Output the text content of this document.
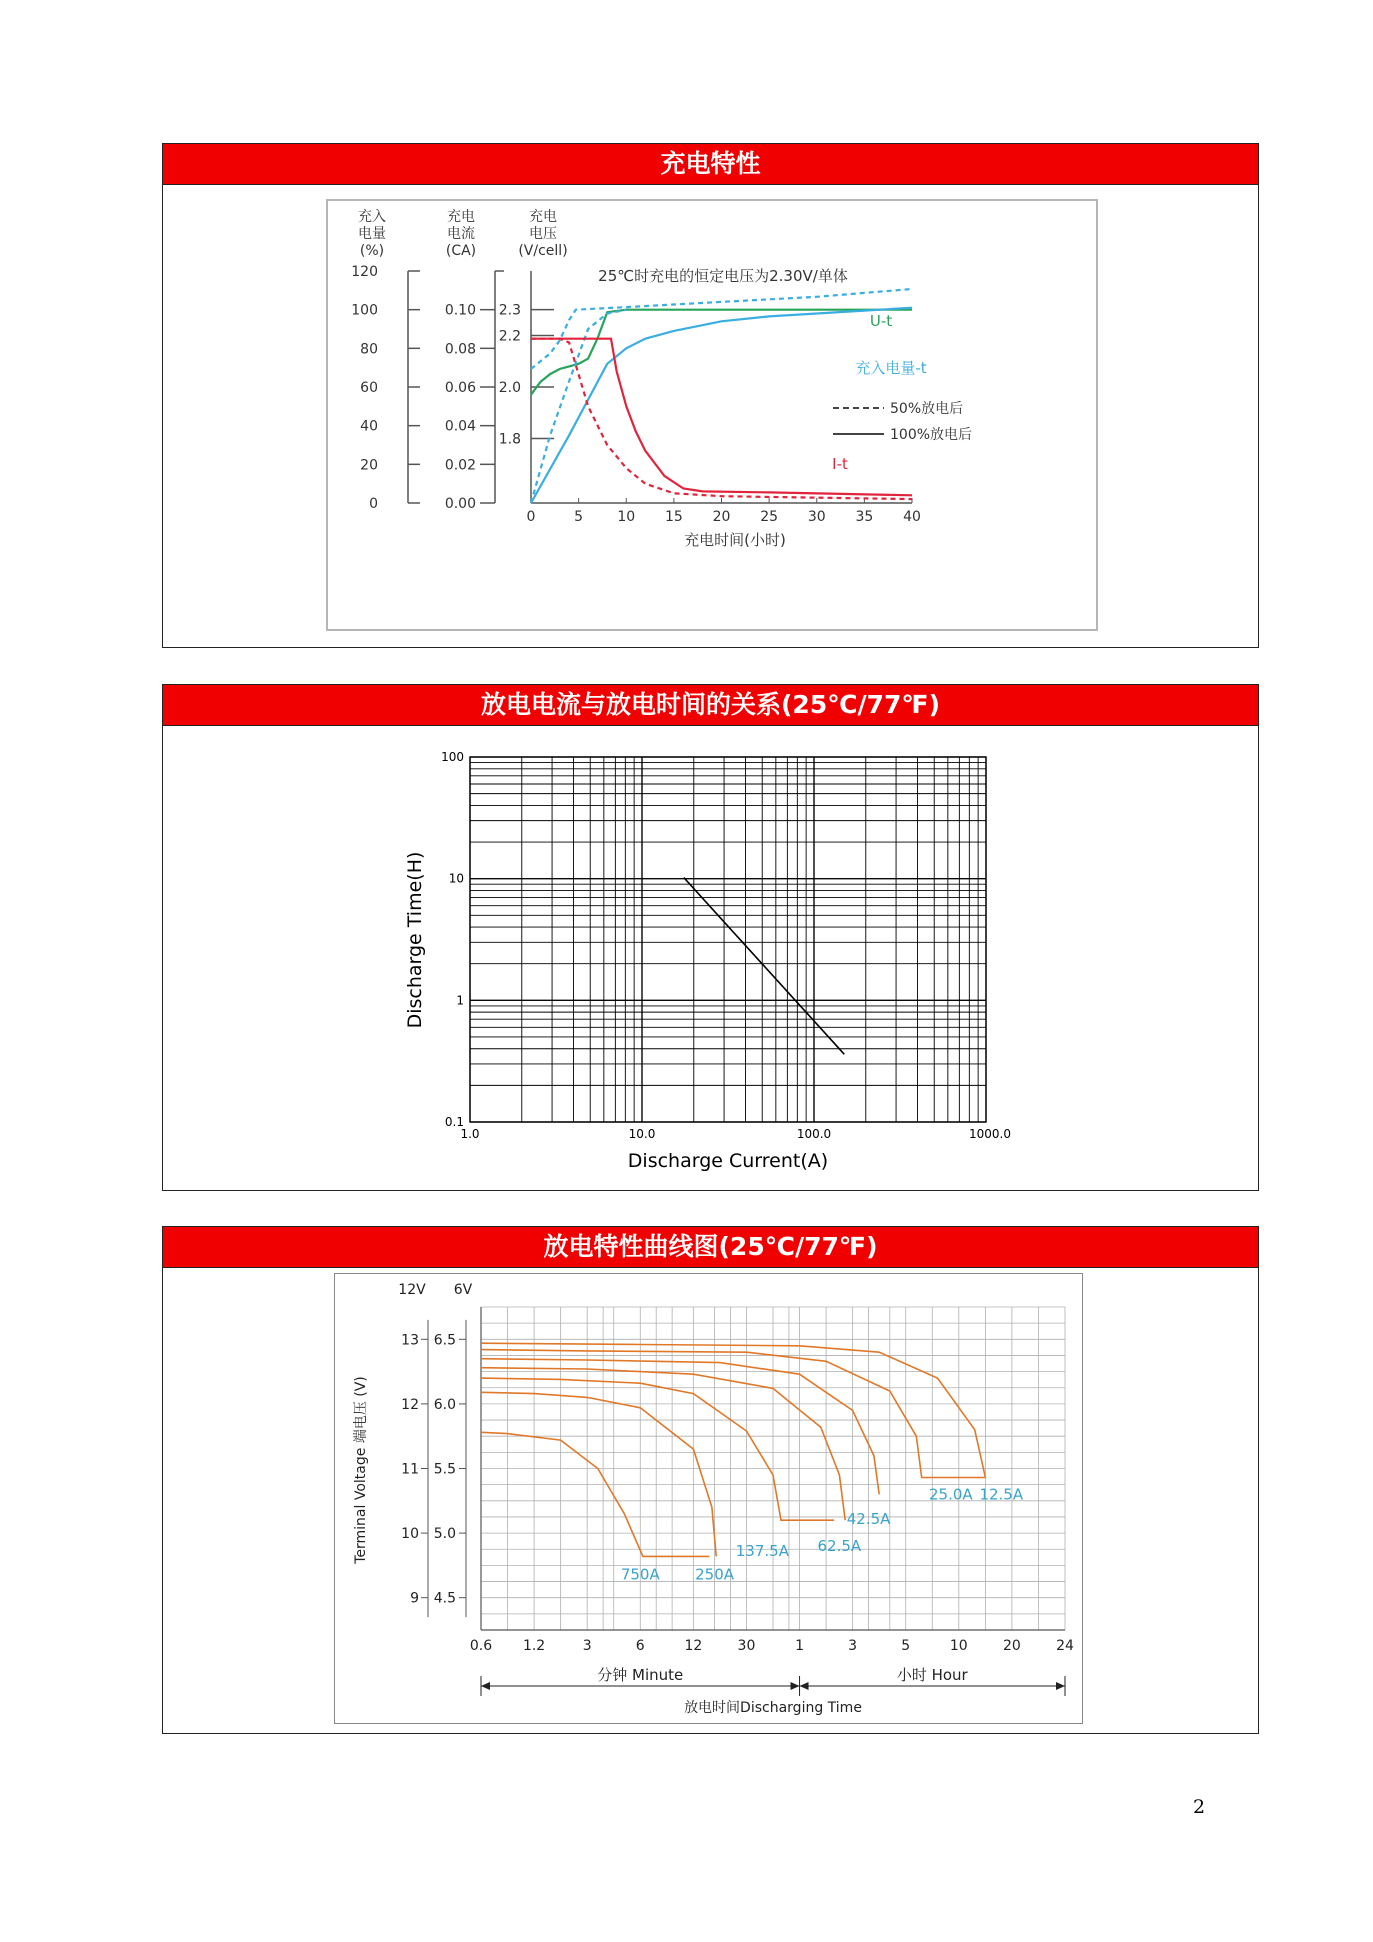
充电特性
充入
电量
(%)
充电
电流
(CA)
充电
电压
(V/cell)
120
100
80
60
40
20
0
0.10
0.08
0.06
0.04
0.02
0.00
2.3
2.2
2.0
1.8
0	5 10 15 20 25 30 35 40
充电时间(小时)
25℃时充电的恒定电压为2.30V/单体
U-t
充入电量-t
I-t
50%放电后
100%放电后
放电电流与放电时间的关系(25℃/77℉)
1.0	10.0	100.0	1000.0
100
10
1
0.1
Discharge Current(A)
Discharge Time(H)
放电特性曲线图(25℃/77℉)
12V 6V
13
12
11
10
9
6.5
6.0
5.5
5.0
4.5
Terminal Voltage 端电压 (V)
0.6 1.2	3	6	12	30	1	3	5	10	20	24
分钟 Minute	小时 Hour
放电时间Discharging Time
750A 250A
137.5A 62.5A
42.5A
25.0A 12.5A
2
